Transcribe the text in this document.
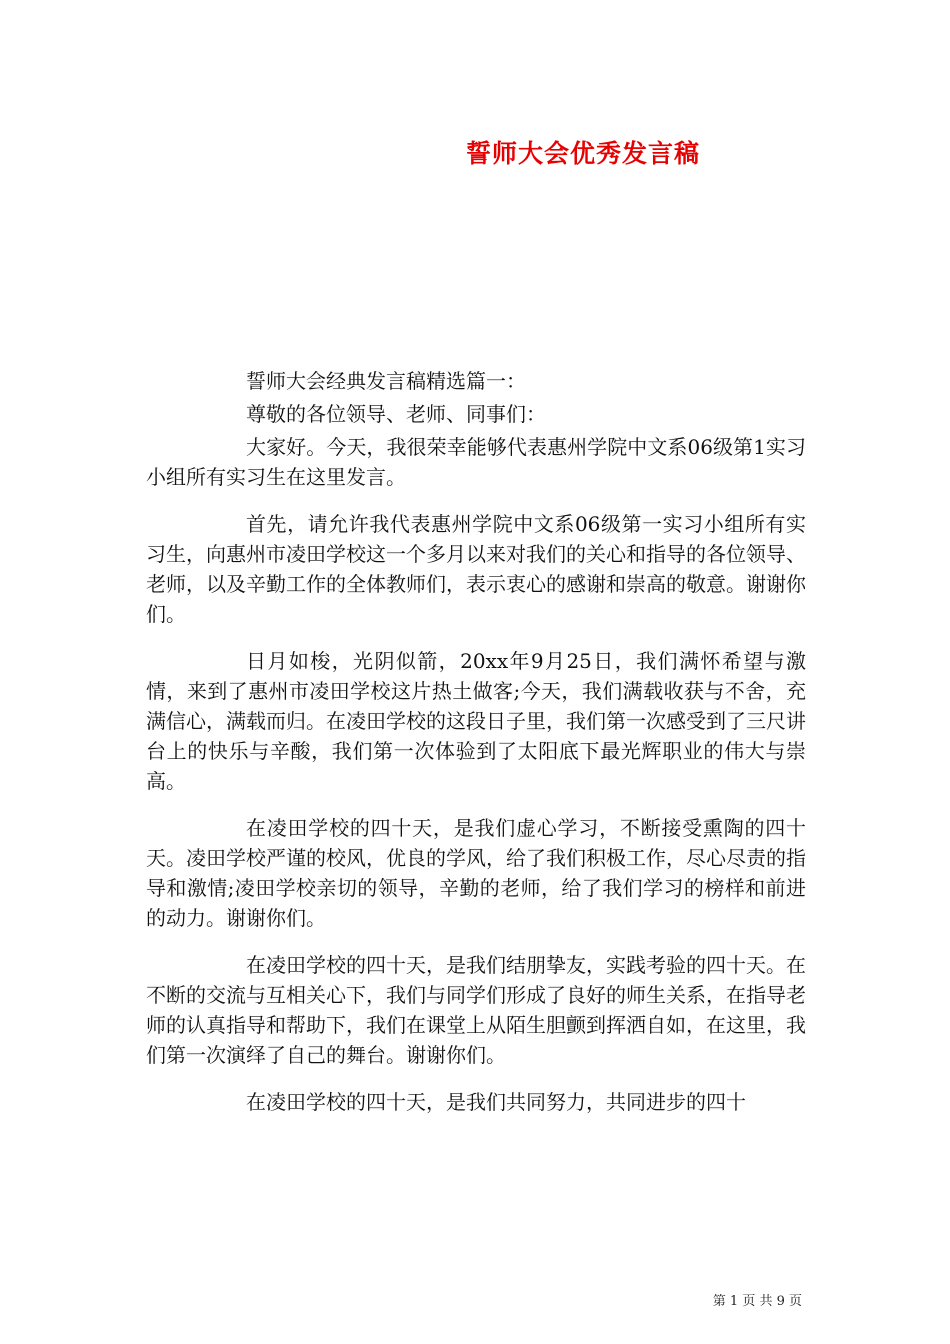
誓师大会优秀发言稿

誓师大会经典发言稿精选篇一：

尊敬的各位领导、老师、同事们：

大家好。今天，我很荣幸能够代表惠州学院中文系06级第1实习小组所有实习生在这里发言。

首先，请允许我代表惠州学院中文系06级第一实习小组所有实习生，向惠州市凌田学校这一个多月以来对我们的关心和指导的各位领导、老师，以及辛勤工作的全体教师们，表示衷心的感谢和崇高的敬意。谢谢你们。

日月如梭，光阴似箭，20xx年9月25日，我们满怀希望与激情，来到了惠州市凌田学校这片热土做客;今天，我们满载收获与不舍，充满信心，满载而归。在凌田学校的这段日子里，我们第一次感受到了三尺讲台上的快乐与辛酸，我们第一次体验到了太阳底下最光辉职业的伟大与崇高。

在凌田学校的四十天，是我们虚心学习，不断接受熏陶的四十天。凌田学校严谨的校风，优良的学风，给了我们积极工作，尽心尽责的指导和激情;凌田学校亲切的领导，辛勤的老师，给了我们学习的榜样和前进的动力。谢谢你们。

在凌田学校的四十天，是我们结朋挚友，实践考验的四十天。在不断的交流与互相关心下，我们与同学们形成了良好的师生关系，在指导老师的认真指导和帮助下，我们在课堂上从陌生胆颤到挥洒自如，在这里，我们第一次演绎了自己的舞台。谢谢你们。

在凌田学校的四十天，是我们共同努力，共同进步的四十

第 1 页 共 9 页
